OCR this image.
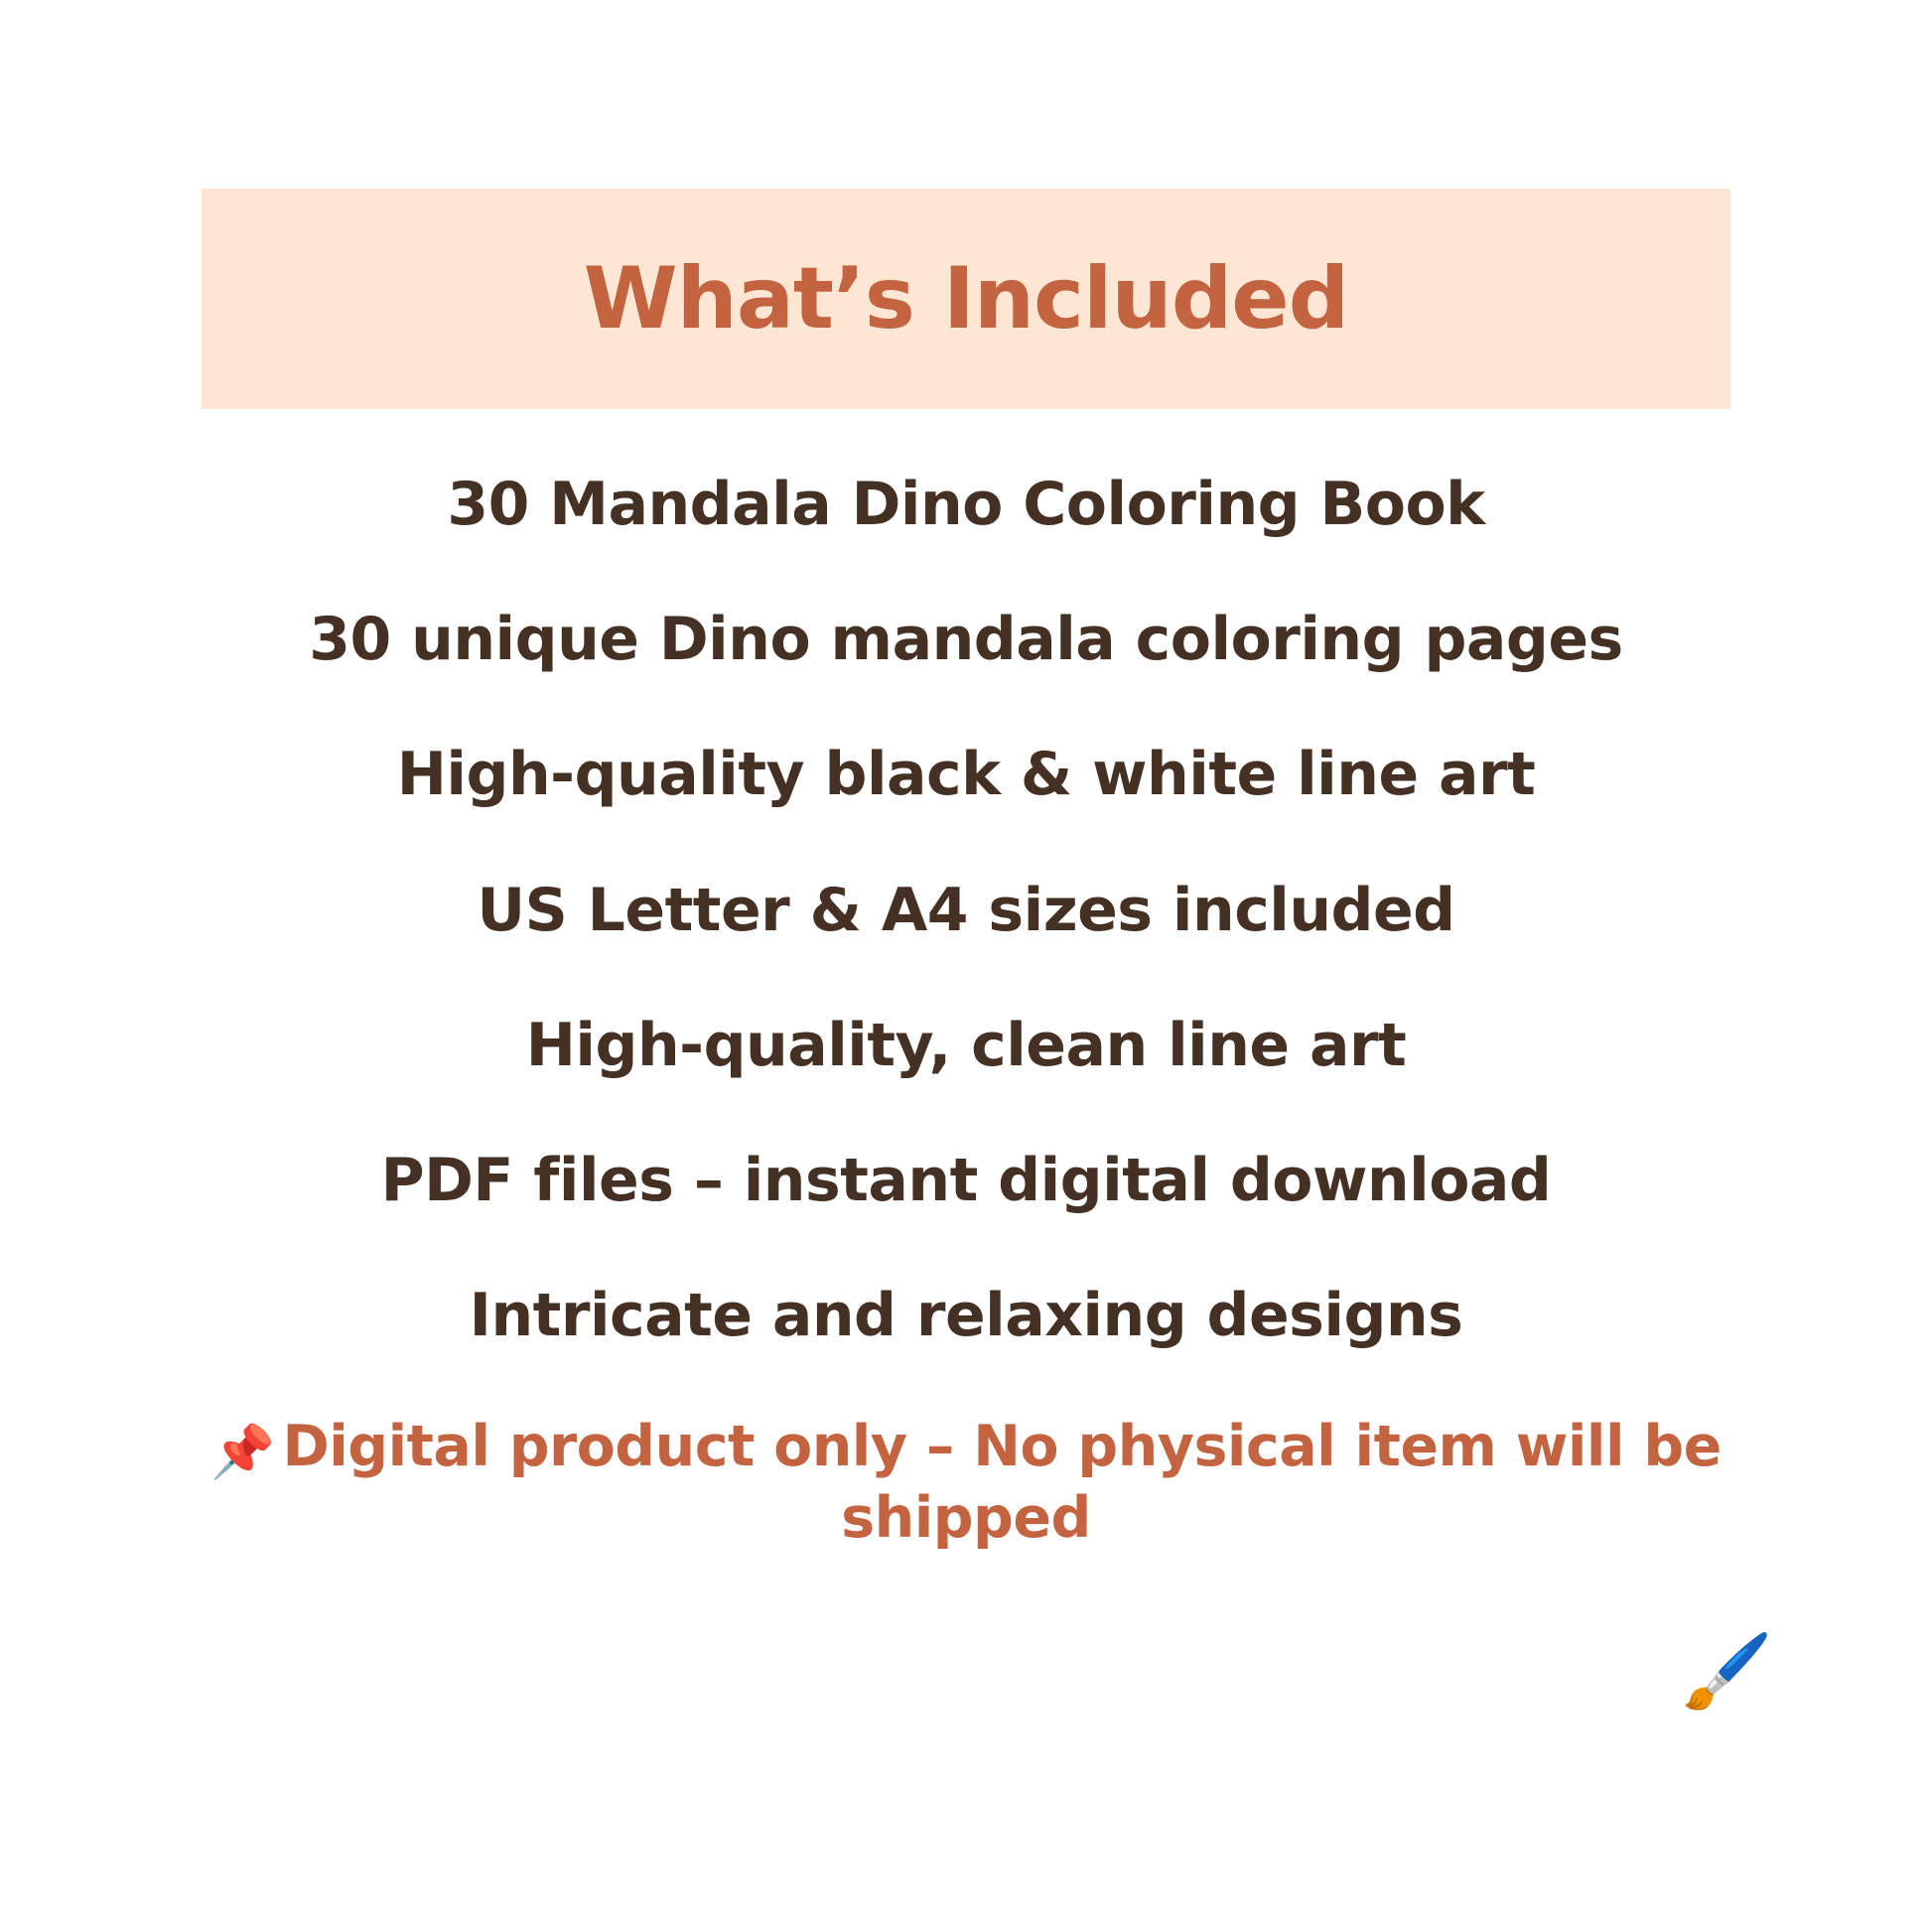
What’s Included

30 Mandala Dino Coloring Book

30 unique Dino mandala coloring pages

High-quality black & white line art

US Letter & A4 sizes included

High-quality, clean line art

PDF files – instant digital download

Intricate and relaxing designs

📌 Digital product only – No physical item will be shipped

🖌️
